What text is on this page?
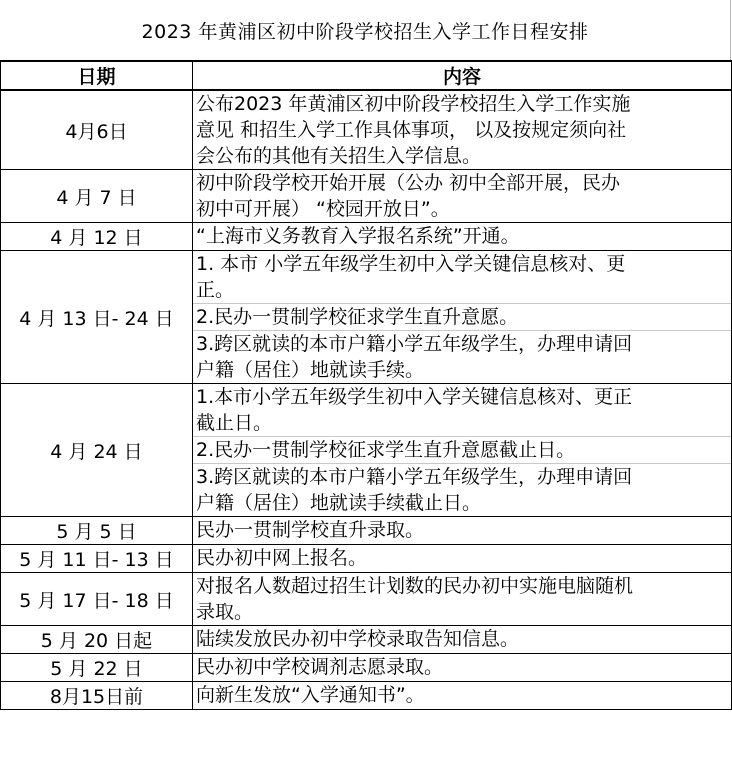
2023 年黄浦区初中阶段学校招生入学工作日程安排
日期	内容
4月6日	公布2023 年黄浦区初中阶段学校招生入学工作实施
意见 和招生入学工作具体事项， 以及按规定须向社
会公布的其他有关招生入学信息。

4 月 7 日	初中阶段学校开始开展（公办 初中全部开展，民办
初中可开展） “校园开放日”。

4 月 12 日	“上海市义务教育入学报名系统”开通。

4 月 13 日- 24 日	1. 本市 小学五年级学生初中入学关键信息核对、更
正。
2.民办一贯制学校征求学生直升意愿。
3.跨区就读的本市户籍小学五年级学生，办理申请回
户籍（居住）地就读手续。

4 月 24 日	1.本市小学五年级学生初中入学关键信息核对、更正
截止日。
2.民办一贯制学校征求学生直升意愿截止日。
3.跨区就读的本市户籍小学五年级学生，办理申请回
户籍（居住）地就读手续截止日。

5 月 5 日	民办一贯制学校直升录取。

5 月 11 日- 13 日	民办初中网上报名。

5 月 17 日- 18 日	对报名人数超过招生计划数的民办初中实施电脑随机
录取。

5 月 20 日起	陆续发放民办初中学校录取告知信息。

5 月 22 日	民办初中学校调剂志愿录取。

8月15日前	向新生发放“入学通知书”。
